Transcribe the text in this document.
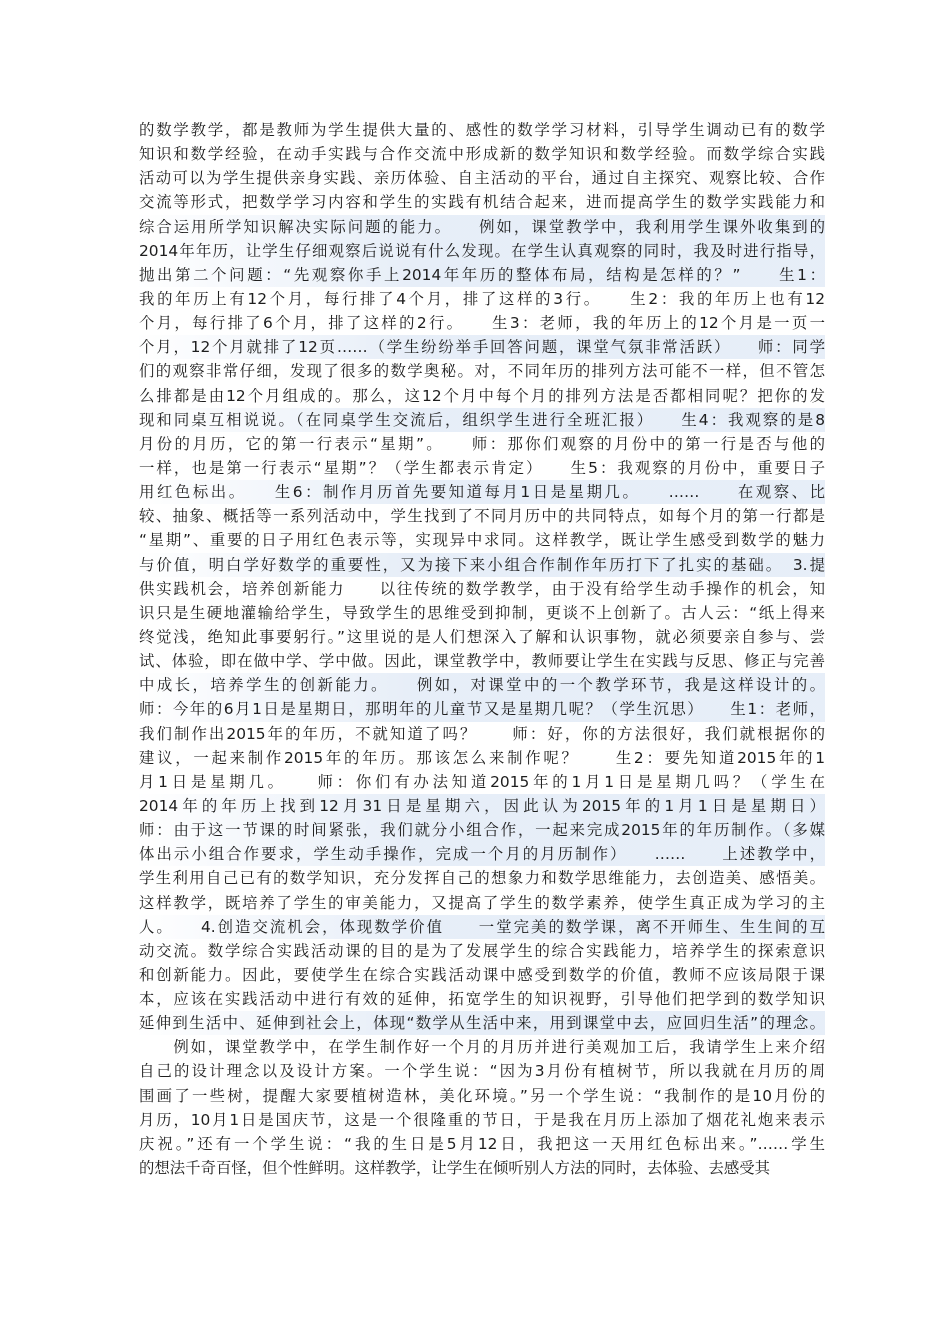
的数学教学，都是教师为学生提供大量的、感性的数学学习材料，引导学生调动已有的数学
知识和数学经验，在动手实践与合作交流中形成新的数学知识和数学经验。而数学综合实践
活动可以为学生提供亲身实践、亲历体验、自主活动的平台，通过自主探究、观察比较、合作
交流等形式，把数学学习内容和学生的实践有机结合起来，进而提高学生的数学实践能力和
综合运用所学知识解决实际问题的能力。　　例如，课堂教学中，我利用学生课外收集到的
2014年年历，让学生仔细观察后说说有什么发现。在学生认真观察的同时，我及时进行指导，
抛出第二个问题：“先观察你手上2014年年历的整体布局，结构是怎样的？”　　生1：
我的年历上有12个月，每行排了4个月，排了这样的3行。　　生2：我的年历上也有12
个月，每行排了6个月，排了这样的2行。　　生3：老师，我的年历上的12个月是一页一
个月，12个月就排了12页……（学生纷纷举手回答问题，课堂气氛非常活跃）　　师：同学
们的观察非常仔细，发现了很多的数学奥秘。对，不同年历的排列方法可能不一样，但不管怎
么排都是由12个月组成的。那么，这12个月中每个月的排列方法是否都相同呢？把你的发
现和同桌互相说说。（在同桌学生交流后，组织学生进行全班汇报）　　生4：我观察的是8
月份的月历，它的第一行表示“星期”。　　师：那你们观察的月份中的第一行是否与他的
一样，也是第一行表示“星期”？（学生都表示肯定）　　生5：我观察的月份中，重要日子
用红色标出。　　生6：制作月历首先要知道每月1日是星期几。　　……　　在观察、比
较、抽象、概括等一系列活动中，学生找到了不同月历中的共同特点，如每个月的第一行都是
“星期”、重要的日子用红色表示等，实现异中求同。这样教学，既让学生感受到数学的魅力
与价值，明白学好数学的重要性，又为接下来小组合作制作年历打下了扎实的基础。　3.提
供实践机会，培养创新能力　　以往传统的数学教学，由于没有给学生动手操作的机会，知
识只是生硬地灌输给学生，导致学生的思维受到抑制，更谈不上创新了。古人云：“纸上得来
终觉浅，绝知此事要躬行。”这里说的是人们想深入了解和认识事物，就必须要亲自参与、尝
试、体验，即在做中学、学中做。因此，课堂教学中，教师要让学生在实践与反思、修正与完善
中成长，培养学生的创新能力。　　例如，对课堂中的一个教学环节，我是这样设计的。
师：今年的6月1日是星期日，那明年的儿童节又是星期几呢？（学生沉思）　　生1：老师，
我们制作出2015年的年历，不就知道了吗？　　师：好，你的方法很好，我们就根据你的
建议，一起来制作2015年的年历。那该怎么来制作呢？　　生2：要先知道2015年的1
月1日是星期几。　　师：你们有办法知道2015年的1月1日是星期几吗？（学生在
2014年的年历上找到12月31日是星期六，因此认为2015年的1月1日是星期日）
师：由于这一节课的时间紧张，我们就分小组合作，一起来完成2015年的年历制作。（多媒
体出示小组合作要求，学生动手操作，完成一个月的月历制作）　　……　　上述教学中，
学生利用自己已有的数学知识，充分发挥自己的想象力和数学思维能力，去创造美、感悟美。
这样教学，既培养了学生的审美能力，又提高了学生的数学素养，使学生真正成为学习的主
人。　　4.创造交流机会，体现数学价值　　一堂完美的数学课，离不开师生、生生间的互
动交流。数学综合实践活动课的目的是为了发展学生的综合实践能力，培养学生的探索意识
和创新能力。因此，要使学生在综合实践活动课中感受到数学的价值，教师不应该局限于课
本，应该在实践活动中进行有效的延伸，拓宽学生的知识视野，引导他们把学到的数学知识
延伸到生活中、延伸到社会上，体现“数学从生活中来，用到课堂中去，应回归生活”的理念。
　　例如，课堂教学中，在学生制作好一个月的月历并进行美观加工后，我请学生上来介绍
自己的设计理念以及设计方案。一个学生说：“因为3月份有植树节，所以我就在月历的周
围画了一些树，提醒大家要植树造林，美化环境。”另一个学生说：“我制作的是10月份的
月历，10月1日是国庆节，这是一个很隆重的节日，于是我在月历上添加了烟花礼炮来表示
庆祝。”还有一个学生说：“我的生日是5月12日，我把这一天用红色标出来。”……学生
的想法千奇百怪，但个性鲜明。这样教学，让学生在倾听别人方法的同时，去体验、去感受其
